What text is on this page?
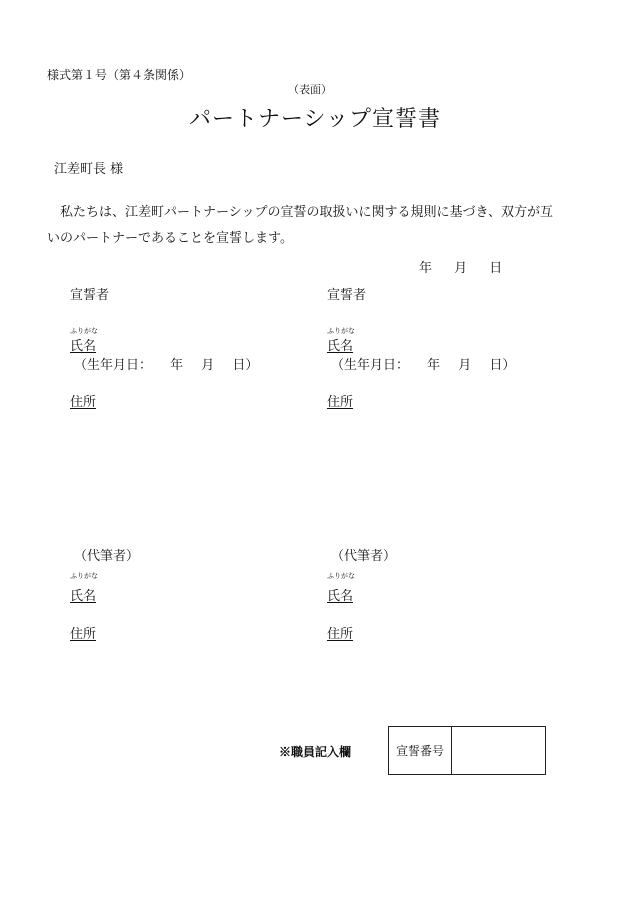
様式第１号（第４条関係）
（表面）
パートナーシップ宣誓書
江差町長 様
私たちは、江差町パートナーシップの宣誓の取扱いに関する規則に基づき、双方が互いのパートナーであることを宣誓します。
年 月 日
宣誓者
ふりがな
氏名
（生年月日： 年 月 日）
住所
宣誓者
ふりがな
氏名
（生年月日： 年 月 日）
住所
（代筆者）
ふりがな
氏名
住所
（代筆者）
ふりがな
氏名
住所
※職員記入欄	宣誓番号
